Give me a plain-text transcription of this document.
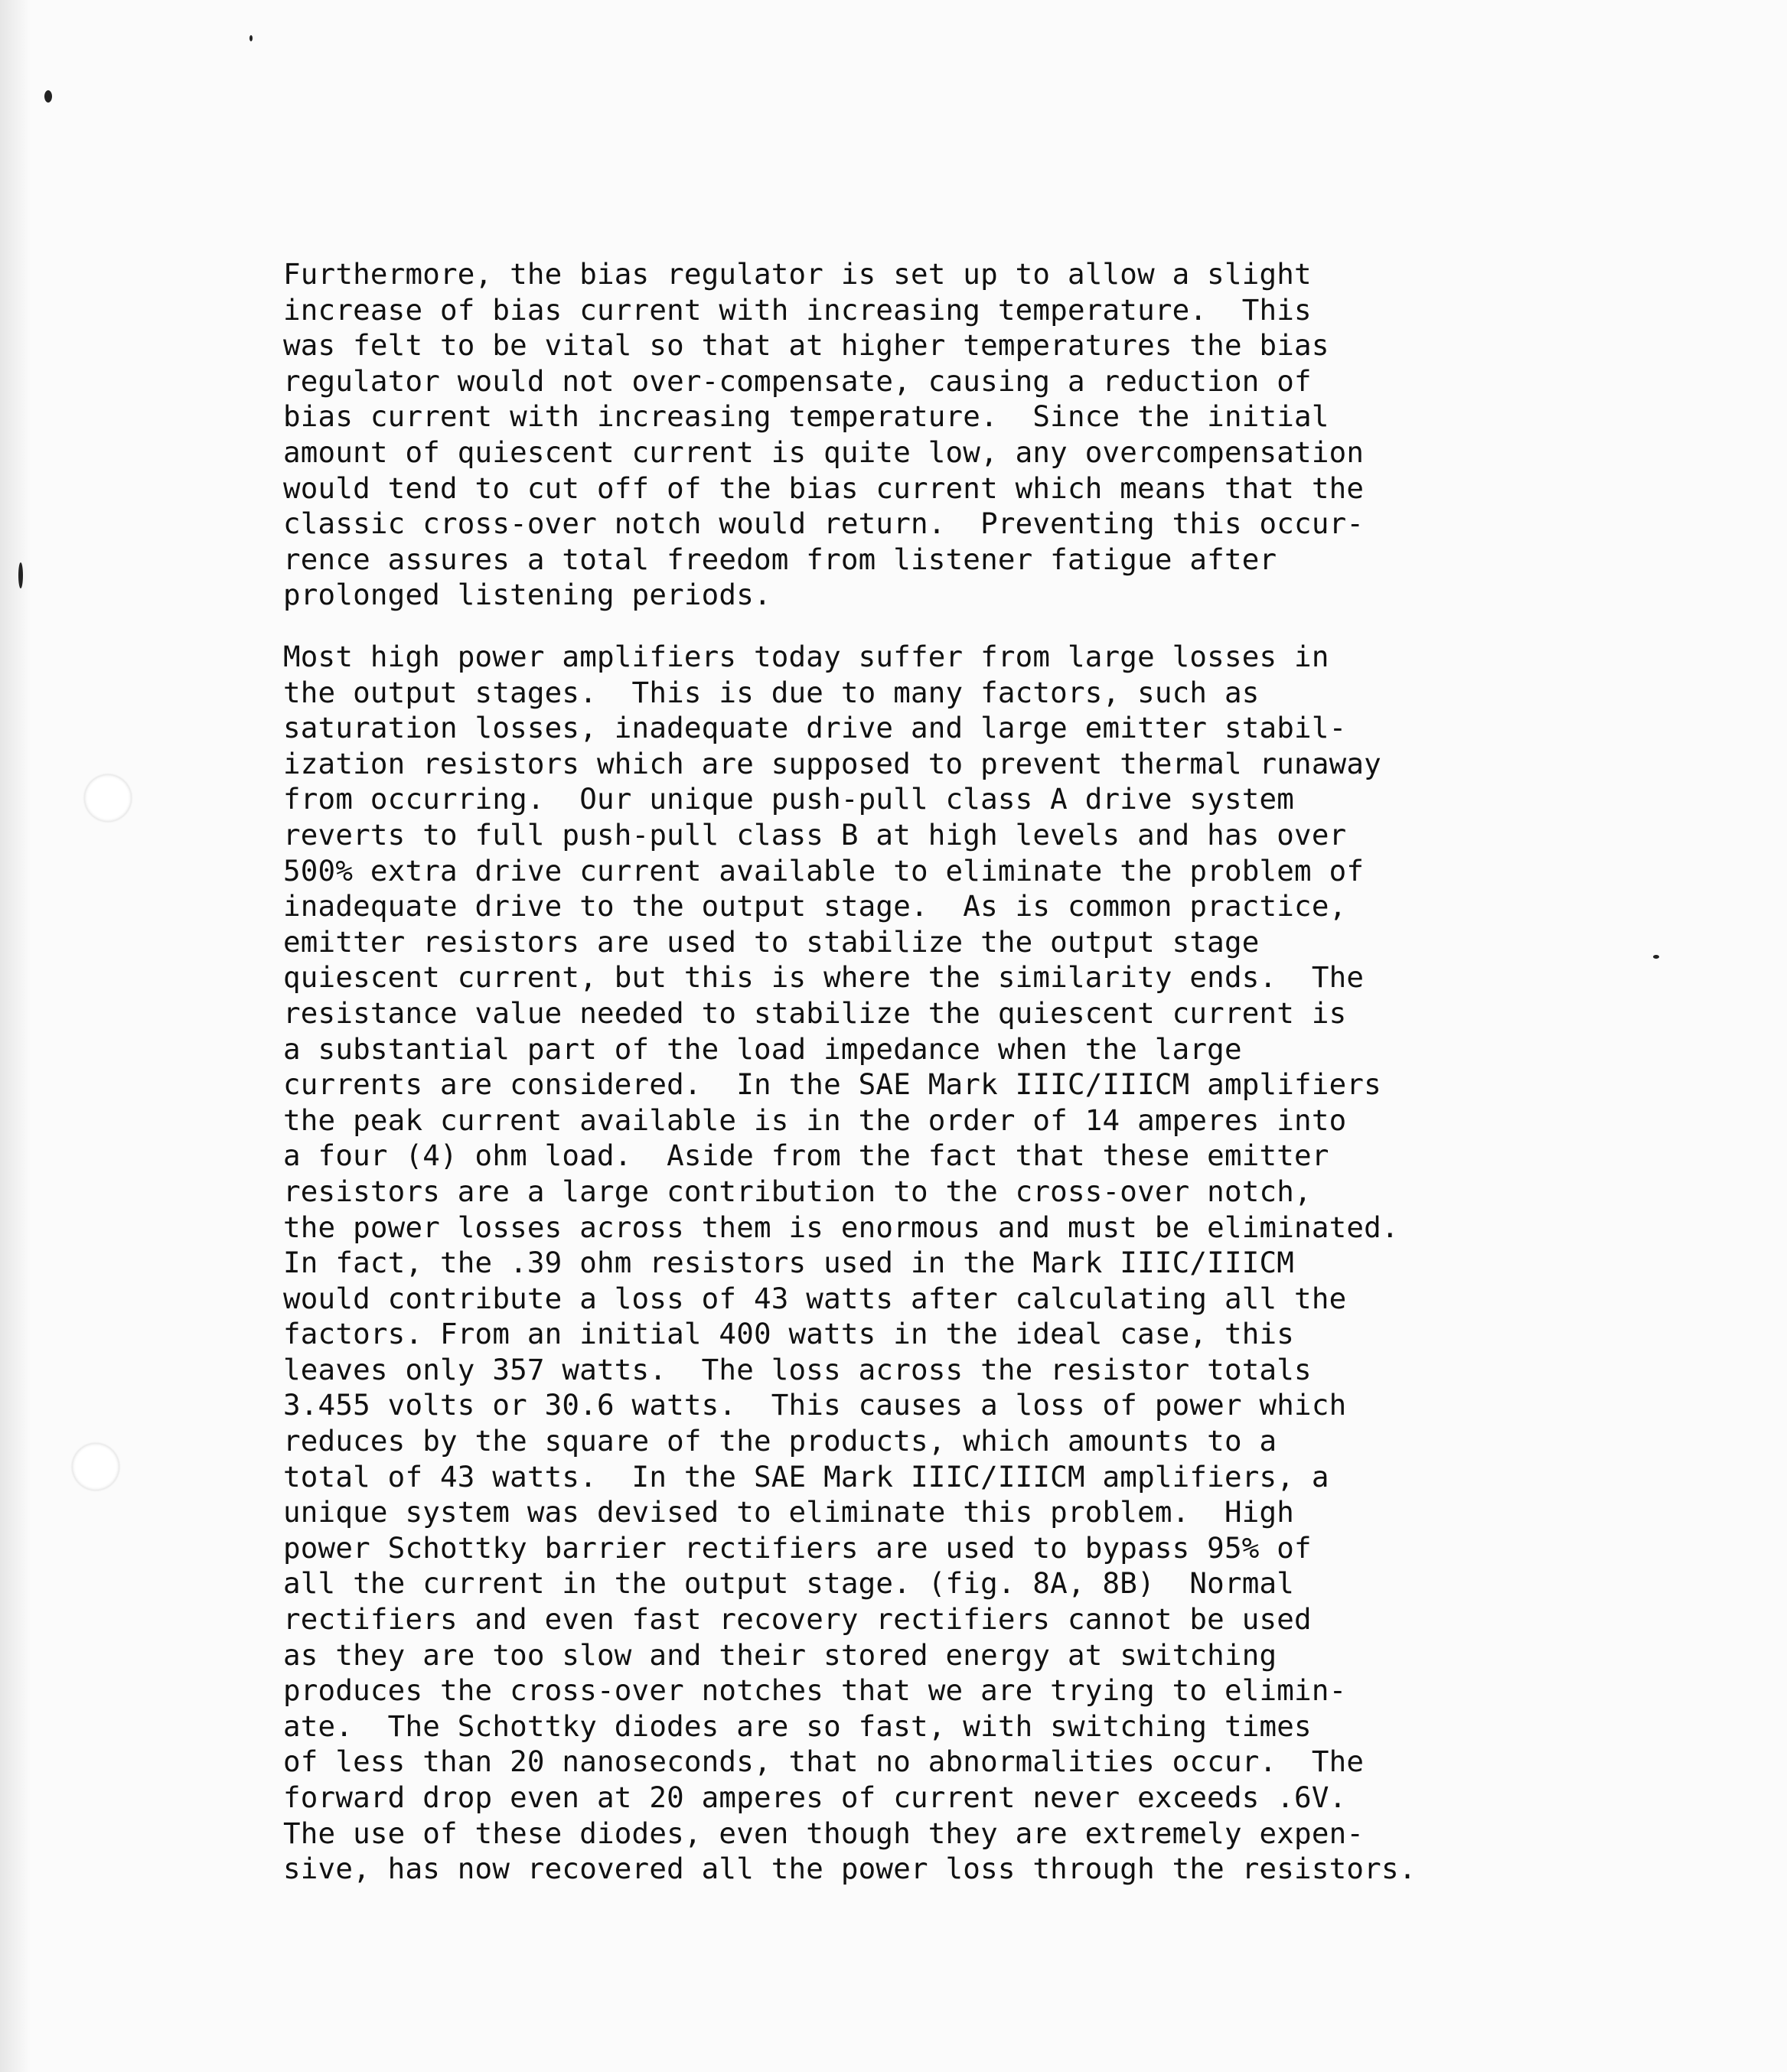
Furthermore, the bias regulator is set up to allow a slight
increase of bias current with increasing temperature.  This
was felt to be vital so that at higher temperatures the bias
regulator would not over-compensate, causing a reduction of
bias current with increasing temperature.  Since the initial
amount of quiescent current is quite low, any overcompensation
would tend to cut off of the bias current which means that the
classic cross-over notch would return.  Preventing this occur-
rence assures a total freedom from listener fatigue after
prolonged listening periods.
Most high power amplifiers today suffer from large losses in
the output stages.  This is due to many factors, such as
saturation losses, inadequate drive and large emitter stabil-
ization resistors which are supposed to prevent thermal runaway
from occurring.  Our unique push-pull class A drive system
reverts to full push-pull class B at high levels and has over
500% extra drive current available to eliminate the problem of
inadequate drive to the output stage.  As is common practice,
emitter resistors are used to stabilize the output stage
quiescent current, but this is where the similarity ends.  The
resistance value needed to stabilize the quiescent current is
a substantial part of the load impedance when the large
currents are considered.  In the SAE Mark IIIC/IIICM amplifiers
the peak current available is in the order of 14 amperes into
a four (4) ohm load.  Aside from the fact that these emitter
resistors are a large contribution to the cross-over notch,
the power losses across them is enormous and must be eliminated.
In fact, the .39 ohm resistors used in the Mark IIIC/IIICM
would contribute a loss of 43 watts after calculating all the
factors. From an initial 400 watts in the ideal case, this
leaves only 357 watts.  The loss across the resistor totals
3.455 volts or 30.6 watts.  This causes a loss of power which
reduces by the square of the products, which amounts to a
total of 43 watts.  In the SAE Mark IIIC/IIICM amplifiers, a
unique system was devised to eliminate this problem.  High
power Schottky barrier rectifiers are used to bypass 95% of
all the current in the output stage. (fig. 8A, 8B)  Normal
rectifiers and even fast recovery rectifiers cannot be used
as they are too slow and their stored energy at switching
produces the cross-over notches that we are trying to elimin-
ate.  The Schottky diodes are so fast, with switching times
of less than 20 nanoseconds, that no abnormalities occur.  The
forward drop even at 20 amperes of current never exceeds .6V.
The use of these diodes, even though they are extremely expen-
sive, has now recovered all the power loss through the resistors.
